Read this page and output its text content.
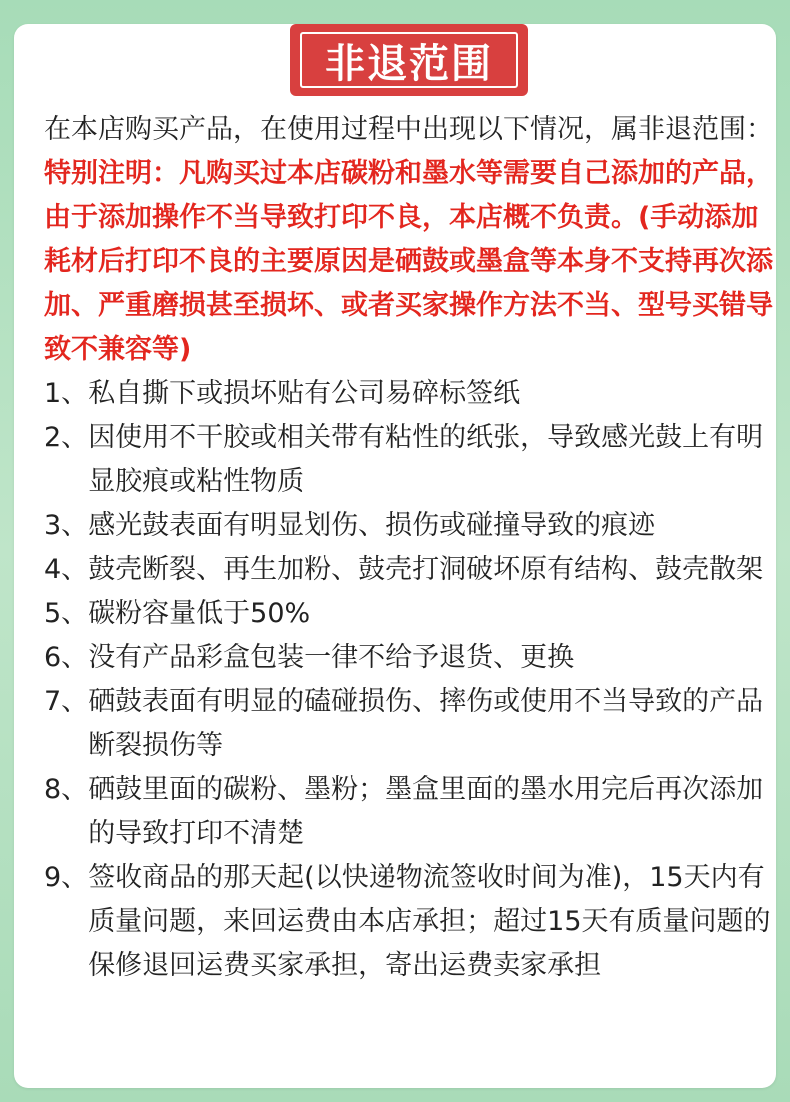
非退范围

在本店购买产品，在使用过程中出现以下情况，属非退范围：

特别注明：凡购买过本店碳粉和墨水等需要自己添加的产品，由于添加操作不当导致打印不良，本店概不负责。(手动添加耗材后打印不良的主要原因是硒鼓或墨盒等本身不支持再次添加、严重磨损甚至损坏、或者买家操作方法不当、型号买错导致不兼容等)

1、 私自撕下或损坏贴有公司易碎标签纸
2、 因使用不干胶或相关带有粘性的纸张，导致感光鼓上有明显胶痕或粘性物质
3、 感光鼓表面有明显划伤、损伤或碰撞导致的痕迹
4、 鼓壳断裂、再生加粉、鼓壳打洞破坏原有结构、鼓壳散架
5、 碳粉容量低于50%
6、 没有产品彩盒包装一律不给予退货、更换
7、 硒鼓表面有明显的磕碰损伤、摔伤或使用不当导致的产品断裂损伤等
8、 硒鼓里面的碳粉、墨粉；墨盒里面的墨水用完后再次添加的导致打印不清楚
9、 签收商品的那天起(以快递物流签收时间为准)，15天内有质量问题，来回运费由本店承担；超过15天有质量问题的保修退回运费买家承担，寄出运费卖家承担
